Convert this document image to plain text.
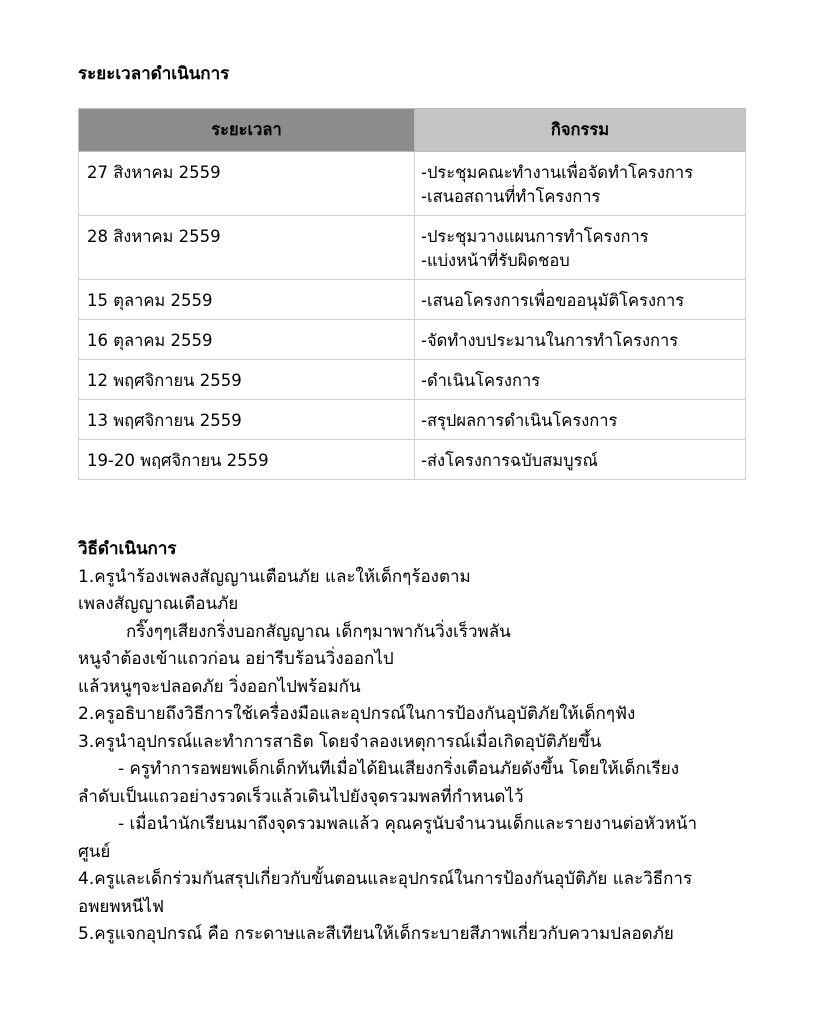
ระยะเวลาดำเนินการ
ระยะเวลา	กิจกรรม
27 สิงหาคม 2559	-ประชุมคณะทำงานเพื่อจัดทำโครงการ
-เสนอสถานที่ทำโครงการ

28 สิงหาคม 2559	-ประชุมวางแผนการทำโครงการ
-แบ่งหน้าที่รับผิดชอบ

15 ตุลาคม 2559	-เสนอโครงการเพื่อขออนุมัติโครงการ

16 ตุลาคม 2559	-จัดทำงบประมานในการทำโครงการ

12 พฤศจิกายน 2559	-ดำเนินโครงการ

13 พฤศจิกายน 2559	-สรุปผลการดำเนินโครงการ

19-20 พฤศจิกายน 2559	-ส่งโครงการฉบับสมบูรณ์
วิธีดำเนินการ
1.ครูนำร้องเพลงสัญญานเตือนภัย และให้เด็กๆร้องตาม
เพลงสัญญาณเตือนภัย
กริ๊งๆๆเสียงกริ่งบอกสัญญาณ เด็กๆมาพากันวิ่งเร็วพลัน
หนูจำต้องเข้าแถวก่อน อย่ารีบร้อนวิ่งออกไป
แล้วหนูๆจะปลอดภัย วิ่งออกไปพร้อมกัน
2.ครูอธิบายถึงวิธีการใช้เครื่องมือและอุปกรณ์ในการป้องกันอุบัติภัยให้เด็กๆฟัง
3.ครูนำอุปกรณ์และทำการสาธิต โดยจำลองเหตุการณ์เมื่อเกิดอุบัติภัยขึ้น
- ครูทำการอพยพเด็กเด็กทันทีเมื่อได้ยินเสียงกริ่งเตือนภัยดังขึ้น โดยให้เด็กเรียง
ลำดับเป็นแถวอย่างรวดเร็วแล้วเดินไปยังจุดรวมพลที่กำหนดไว้
- เมื่อนำนักเรียนมาถึงจุดรวมพลแล้ว คุณครูนับจำนวนเด็กและรายงานต่อหัวหน้า
ศูนย์
4.ครูและเด็กร่วมกันสรุปเกี่ยวกับขั้นตอนและอุปกรณ์ในการป้องกันอุบัติภัย และวิธีการ
อพยพหนีไฟ
5.ครูแจกอุปกรณ์ คือ กระดาษและสีเทียนให้เด็กระบายสีภาพเกี่ยวกับความปลอดภัย
